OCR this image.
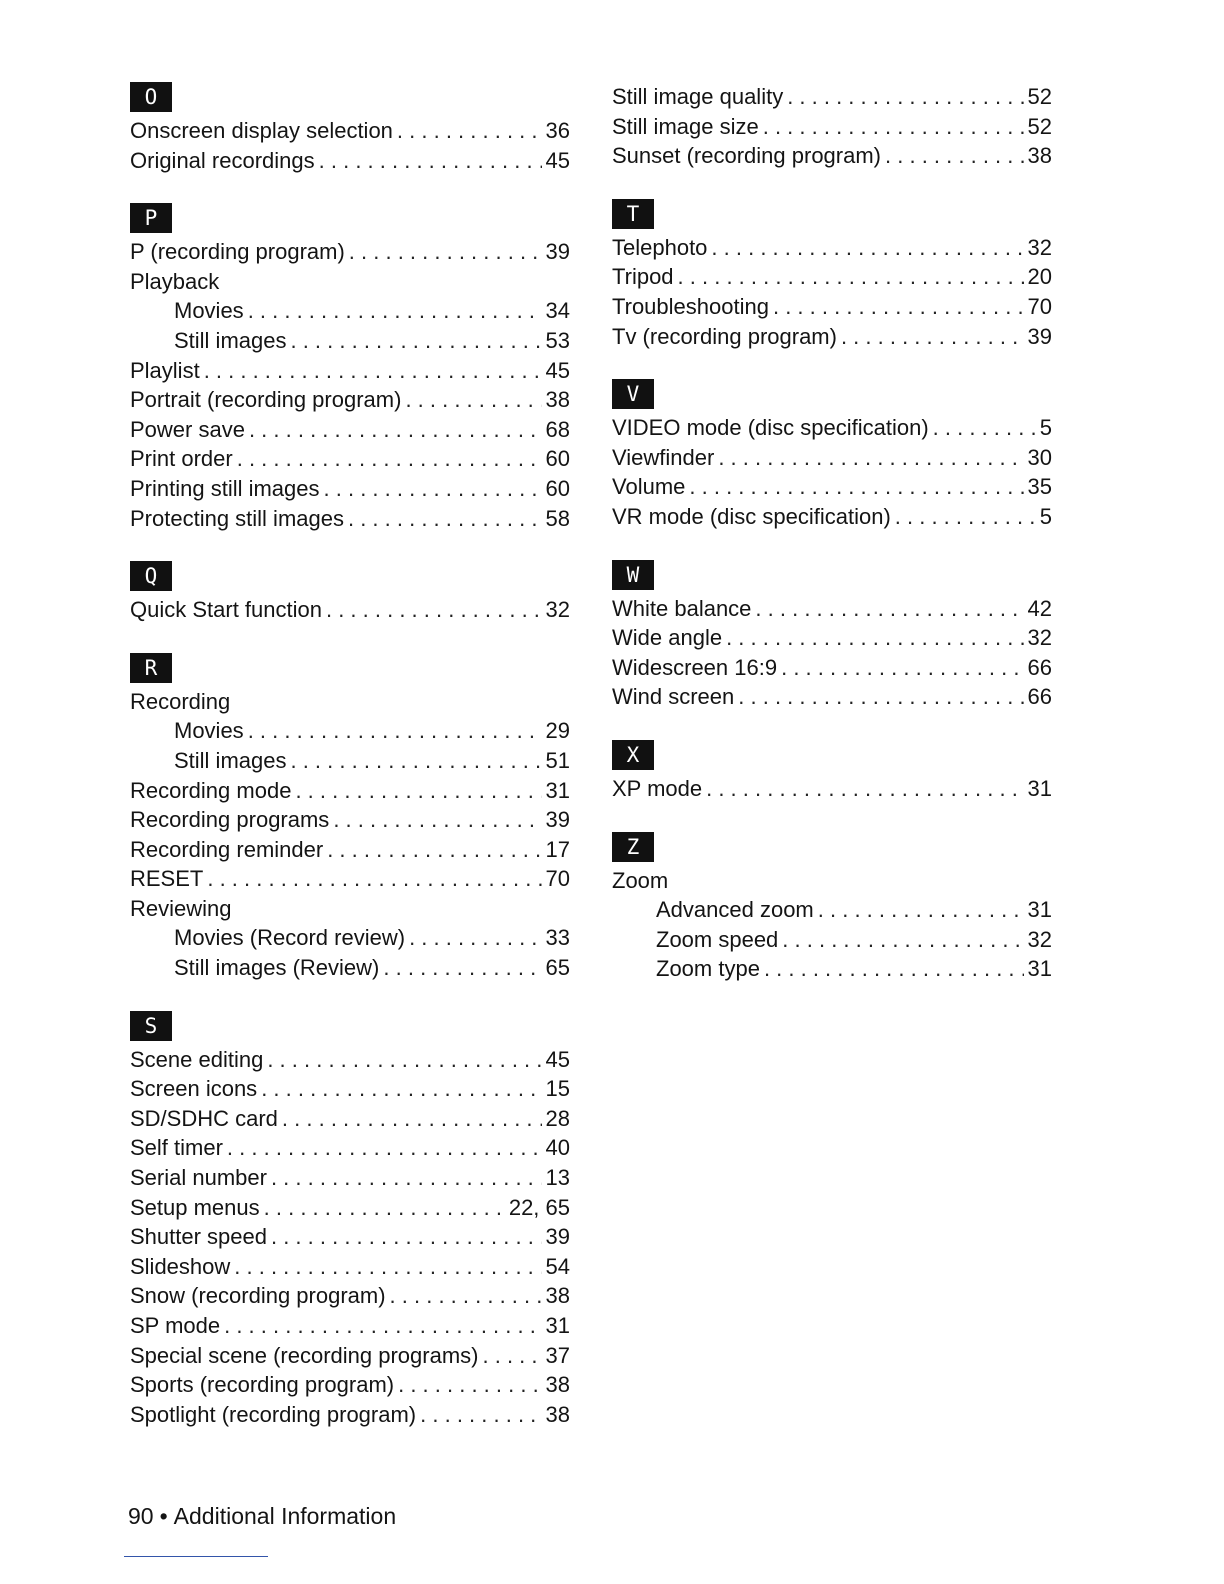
O
Onscreen display selection . . .	36
Original recordings . . .	45
P
P (recording program) . . .	39
Playback
Movies . . .	34
Still images . . .	53
Playlist . . .	45
Portrait (recording program) . . .	38
Power save . . .	68
Print order . . .	60
Printing still images . . .	60
Protecting still images . . .	58
Q
Quick Start function . . .	32
R
Recording
Movies . . .	29
Still images . . .	51
Recording mode . . .	31
Recording programs . . .	39
Recording reminder . . .	17
RESET . . .	70
Reviewing
Movies (Record review) . . .	33
Still images (Review) . . .	65
S
Scene editing . . .	45
Screen icons . . .	15
SD/SDHC card . . .	28
Self timer . . .	40
Serial number . . .	13
Setup menus . . .	22, 65
Shutter speed . . .	39
Slideshow . . .	54
Snow (recording program) . . .	38
SP mode . . .	31
Special scene (recording programs) . . .	37
Sports (recording program) . . .	38
Spotlight (recording program) . . .	38
Still image quality . . .	52
Still image size . . .	52
Sunset (recording program) . . .	38
T
Telephoto . . .	32
Tripod . . .	20
Troubleshooting . . .	70
Tv (recording program) . . .	39
V
VIDEO mode (disc specification) . . .	5
Viewfinder . . .	30
Volume . . .	35
VR mode (disc specification) . . .	5
W
White balance . . .	42
Wide angle . . .	32
Widescreen 16:9 . . .	66
Wind screen . . .	66
X
XP mode . . .	31
Z
Zoom
Advanced zoom . . .	31
Zoom speed . . .	32
Zoom type . . .	31
90 • Additional Information
